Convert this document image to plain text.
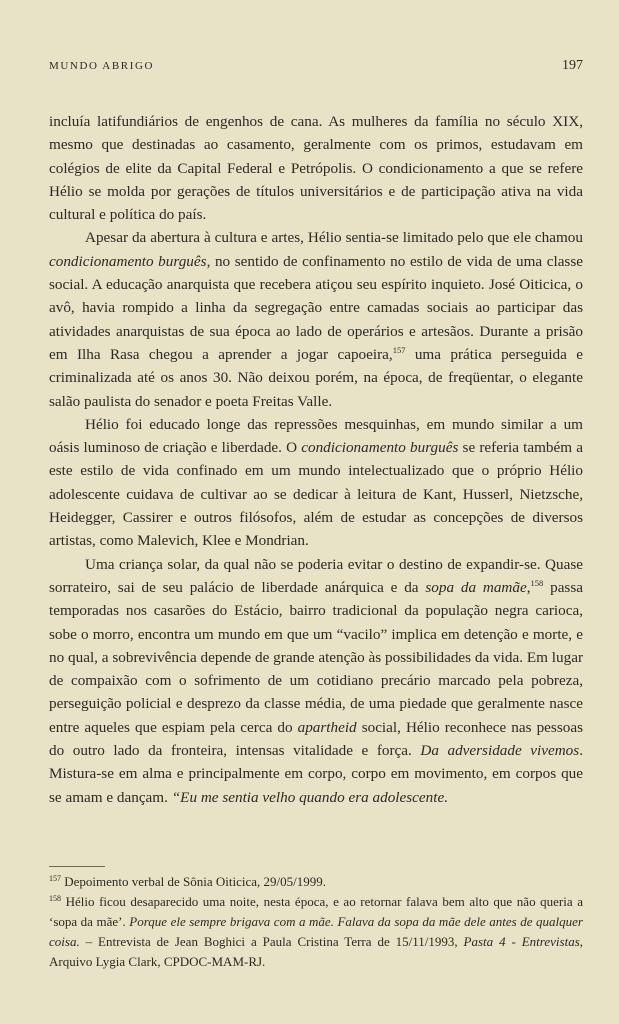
MUNDO ABRIGO	197

incluía latifundiários de engenhos de cana. As mulheres da família no século XIX, mesmo que destinadas ao casamento, geralmente com os primos, estudavam em colégios de elite da Capital Federal e Petrópolis. O condicionamento a que se refere Hélio se molda por gerações de títulos universitários e de participação ativa na vida cultural e política do país.

Apesar da abertura à cultura e artes, Hélio sentia-se limitado pelo que ele chamou condicionamento burguês, no sentido de confinamento no estilo de vida de uma classe social. A educação anarquista que recebera atiçou seu espírito inquieto. José Oiticica, o avô, havia rompido a linha da segregação entre camadas sociais ao participar das atividades anarquistas de sua época ao lado de operários e artesãos. Durante a prisão em Ilha Rasa chegou a aprender a jogar capoeira,$^{157}$ uma prática perseguida e criminalizada até os anos 30. Não deixou porém, na época, de freqüentar, o elegante salão paulista do senador e poeta Freitas Valle.

Hélio foi educado longe das repressões mesquinhas, em mundo similar a um oásis luminoso de criação e liberdade. O condicionamento burguês se referia também a este estilo de vida confinado em um mundo intelectualizado que o próprio Hélio adolescente cuidava de cultivar ao se dedicar à leitura de Kant, Husserl, Nietzsche, Heidegger, Cassirer e outros filósofos, além de estudar as concepções de diversos artistas, como Malevich, Klee e Mondrian.

Uma criança solar, da qual não se poderia evitar o destino de expandir-se. Quase sorrateiro, sai de seu palácio de liberdade anárquica e da sopa da mamãe,$^{158}$ passa temporadas nos casarões do Estácio, bairro tradicional da população negra carioca, sobe o morro, encontra um mundo em que um “vacilo” implica em detenção e morte, e no qual, a sobrevivência depende de grande atenção às possibilidades da vida. Em lugar de compaixão com o sofrimento de um cotidiano precário marcado pela pobreza, perseguição policial e desprezo da classe média, de uma piedade que geralmente nasce entre aqueles que espiam pela cerca do apartheid social, Hélio reconhece nas pessoas do outro lado da fronteira, intensas vitalidade e força. Da adversidade vivemos. Mistura-se em alma e principalmente em corpo, corpo em movimento, em corpos que se amam e dançam. “Eu me sentia velho quando era adolescente.

$^{157}$ Depoimento verbal de Sônia Oiticica, 29/05/1999.

$^{158}$ Hélio ficou desaparecido uma noite, nesta época, e ao retornar falava bem alto que não queria a ‘sopa da mãe’. Porque ele sempre brigava com a mãe. Falava da sopa da mãe dele antes de qualquer coisa. – Entrevista de Jean Boghici a Paula Cristina Terra de 15/11/1993, Pasta 4 - Entrevistas, Arquivo Lygia Clark, CPDOC-MAM-RJ.
